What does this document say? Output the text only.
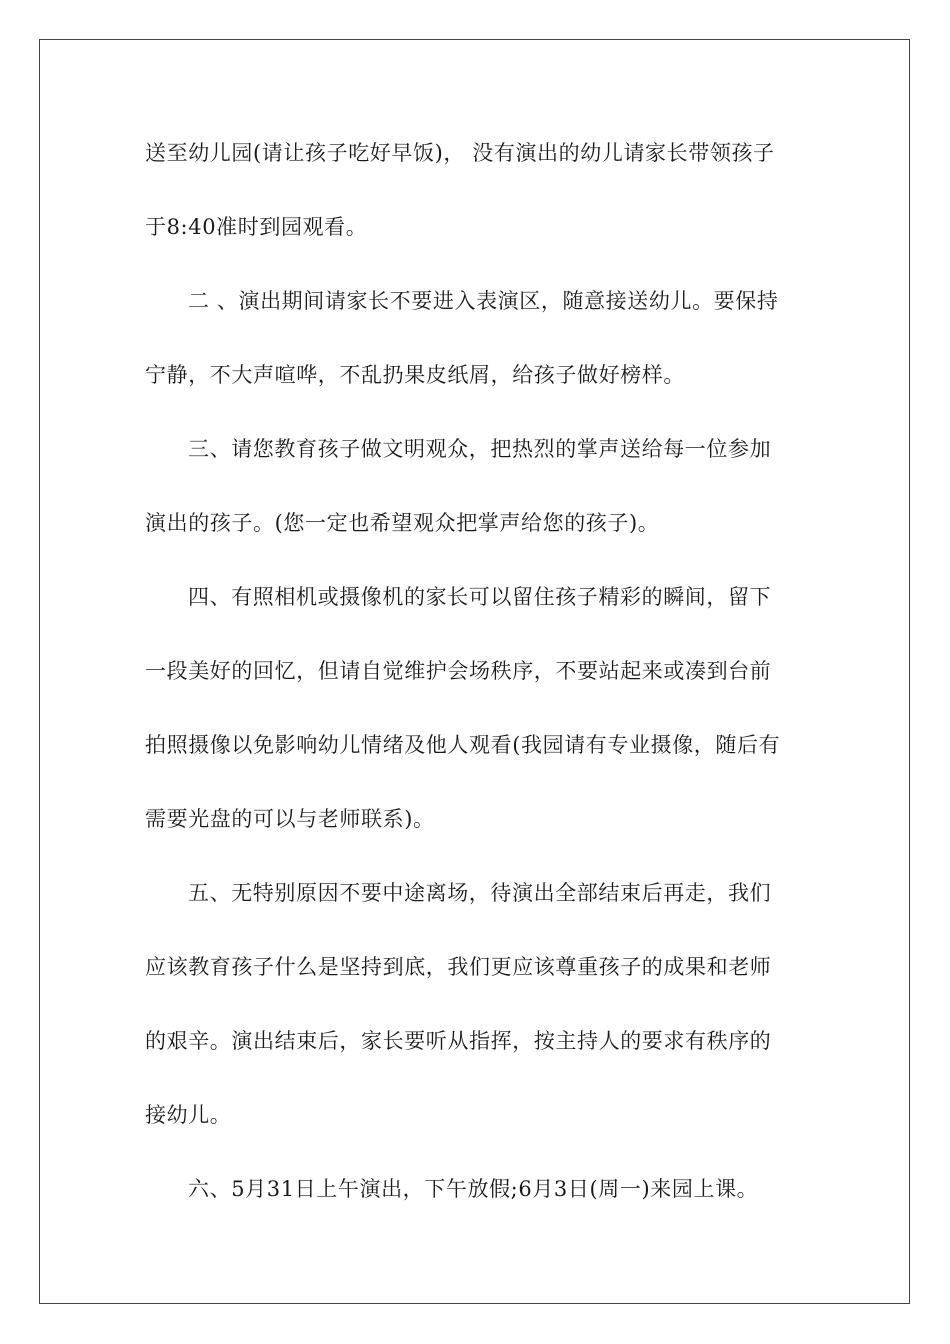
送至幼儿园(请让孩子吃好早饭)， 没有演出的幼儿请家长带领孩子
于8:40准时到园观看。
二 、演出期间请家长不要进入表演区，随意接送幼儿。要保持
宁静，不大声喧哗，不乱扔果皮纸屑，给孩子做好榜样。
三、请您教育孩子做文明观众，把热烈的掌声送给每一位参加
演出的孩子。(您一定也希望观众把掌声给您的孩子)。
四、有照相机或摄像机的家长可以留住孩子精彩的瞬间，留下
一段美好的回忆，但请自觉维护会场秩序，不要站起来或凑到台前
拍照摄像以免影响幼儿情绪及他人观看(我园请有专业摄像，随后有
需要光盘的可以与老师联系)。
五、无特别原因不要中途离场，待演出全部结束后再走，我们
应该教育孩子什么是坚持到底，我们更应该尊重孩子的成果和老师
的艰辛。演出结束后，家长要听从指挥，按主持人的要求有秩序的
接幼儿。
六、5月31日上午演出，下午放假;6月3日(周一)来园上课。
